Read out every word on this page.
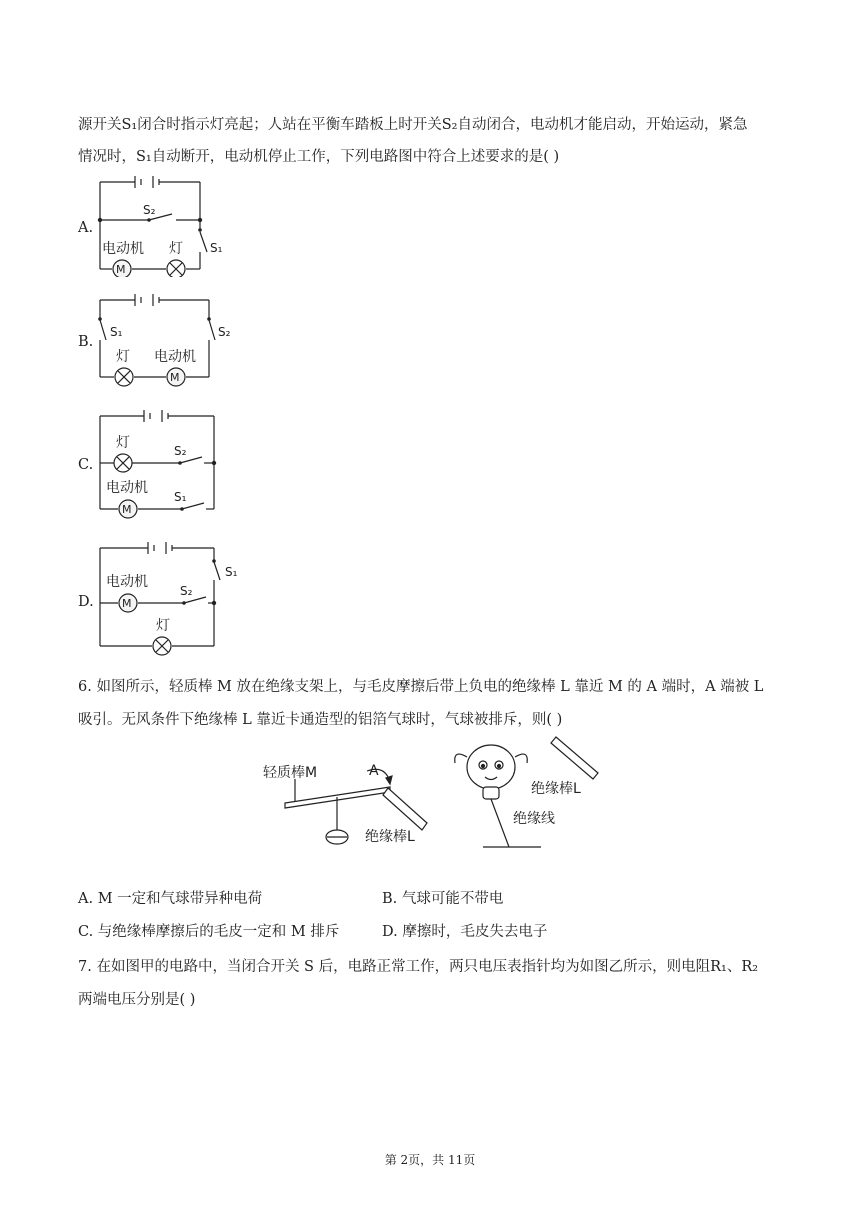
源开关S₁闭合时指示灯亮起；人站在平衡车踏板上时开关S₂自动闭合，电动机才能启动，开始运动，紧急
情况时，S₁自动断开，电动机停止工作，下列电路图中符合上述要求的是( )
A.
S₂
S₁
电动机 灯
M
B.
S₁	S₂
灯 电动机
M
C.
灯	S₂
电动机
S₁
M
D.
S₁
电动机
S₂
灯
M
6. 如图所示，轻质棒 M 放在绝缘支架上，与毛皮摩擦后带上负电的绝缘棒 L 靠近 M 的 A 端时，A 端被 L
吸引。无风条件下绝缘棒 L 靠近卡通造型的铝箔气球时，气球被排斥，则( )
轻质棒M	A
绝缘棒L
绝缘棒L
绝缘线
A. M 一定和气球带异种电荷	B. 气球可能不带电
C. 与绝缘棒摩擦后的毛皮一定和 M 排斥	D. 摩擦时，毛皮失去电子
7. 在如图甲的电路中，当闭合开关 S 后，电路正常工作，两只电压表指针均为如图乙所示，则电阻R₁、R₂
两端电压分别是( )
第 2页，共 11页
